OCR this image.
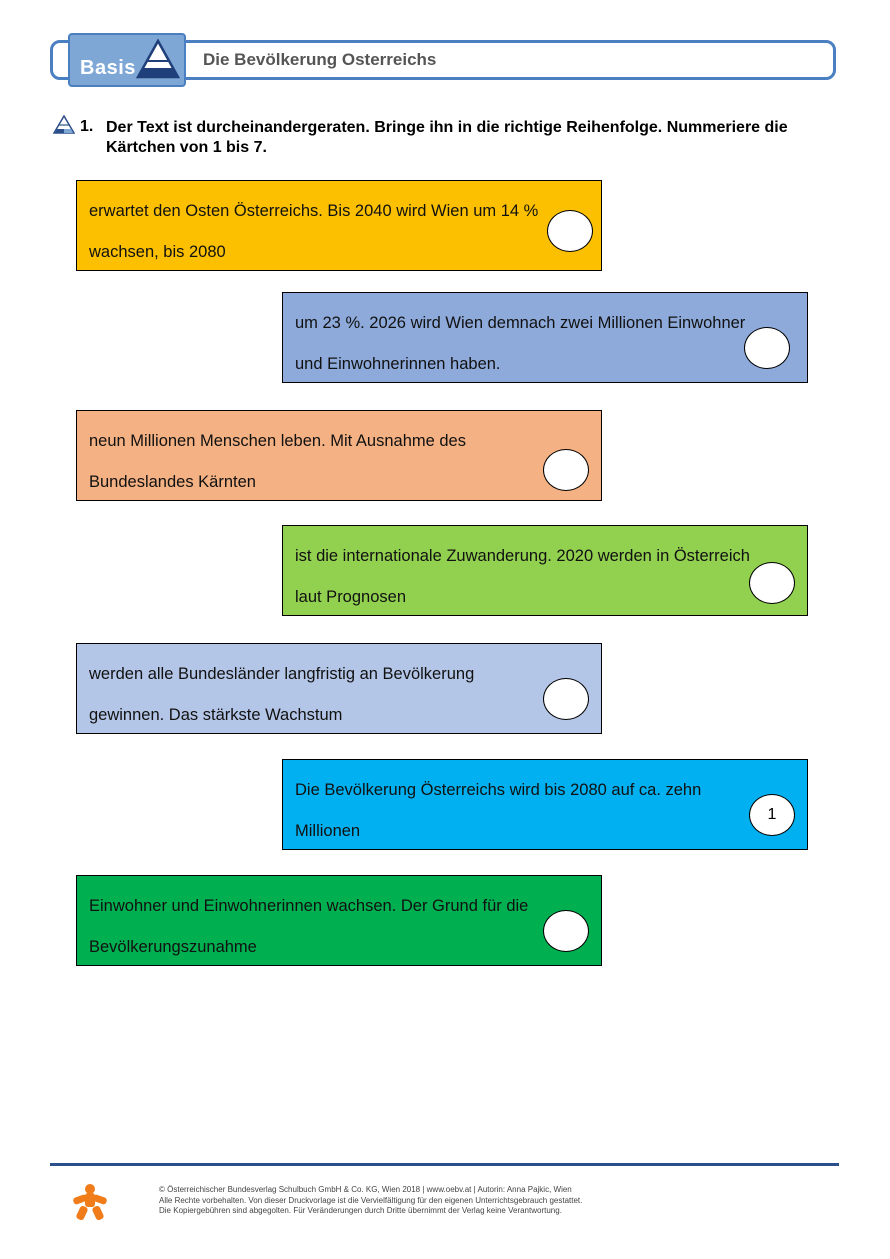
Basis	Die Bevölkerung Osterreichs
1. Der Text ist durcheinandergeraten. Bringe ihn in die richtige Reihenfolge. Nummeriere die Kärtchen von 1 bis 7.
erwartet den Osten Österreichs. Bis 2040 wird Wien um 14 %
wachsen, bis 2080
um 23 %. 2026 wird Wien demnach zwei Millionen Einwohner
und Einwohnerinnen haben.
neun Millionen Menschen leben. Mit Ausnahme des
Bundeslandes Kärnten
ist die internationale Zuwanderung. 2020 werden in Österreich
laut Prognosen
werden alle Bundesländer langfristig an Bevölkerung
gewinnen. Das stärkste Wachstum
Die Bevölkerung Österreichs wird bis 2080 auf ca. zehn
Millionen
1
Einwohner und Einwohnerinnen wachsen. Der Grund für die
Bevölkerungszunahme
© Österreichischer Bundesverlag Schulbuch GmbH & Co. KG, Wien 2018 | www.oebv.at | Autorin: Anna Pajkic, Wien
Alle Rechte vorbehalten. Von dieser Druckvorlage ist die Vervielfältigung für den eigenen Unterrichtsgebrauch gestattet.
Die Kopiergebühren sind abgegolten. Für Veränderungen durch Dritte übernimmt der Verlag keine Verantwortung.
